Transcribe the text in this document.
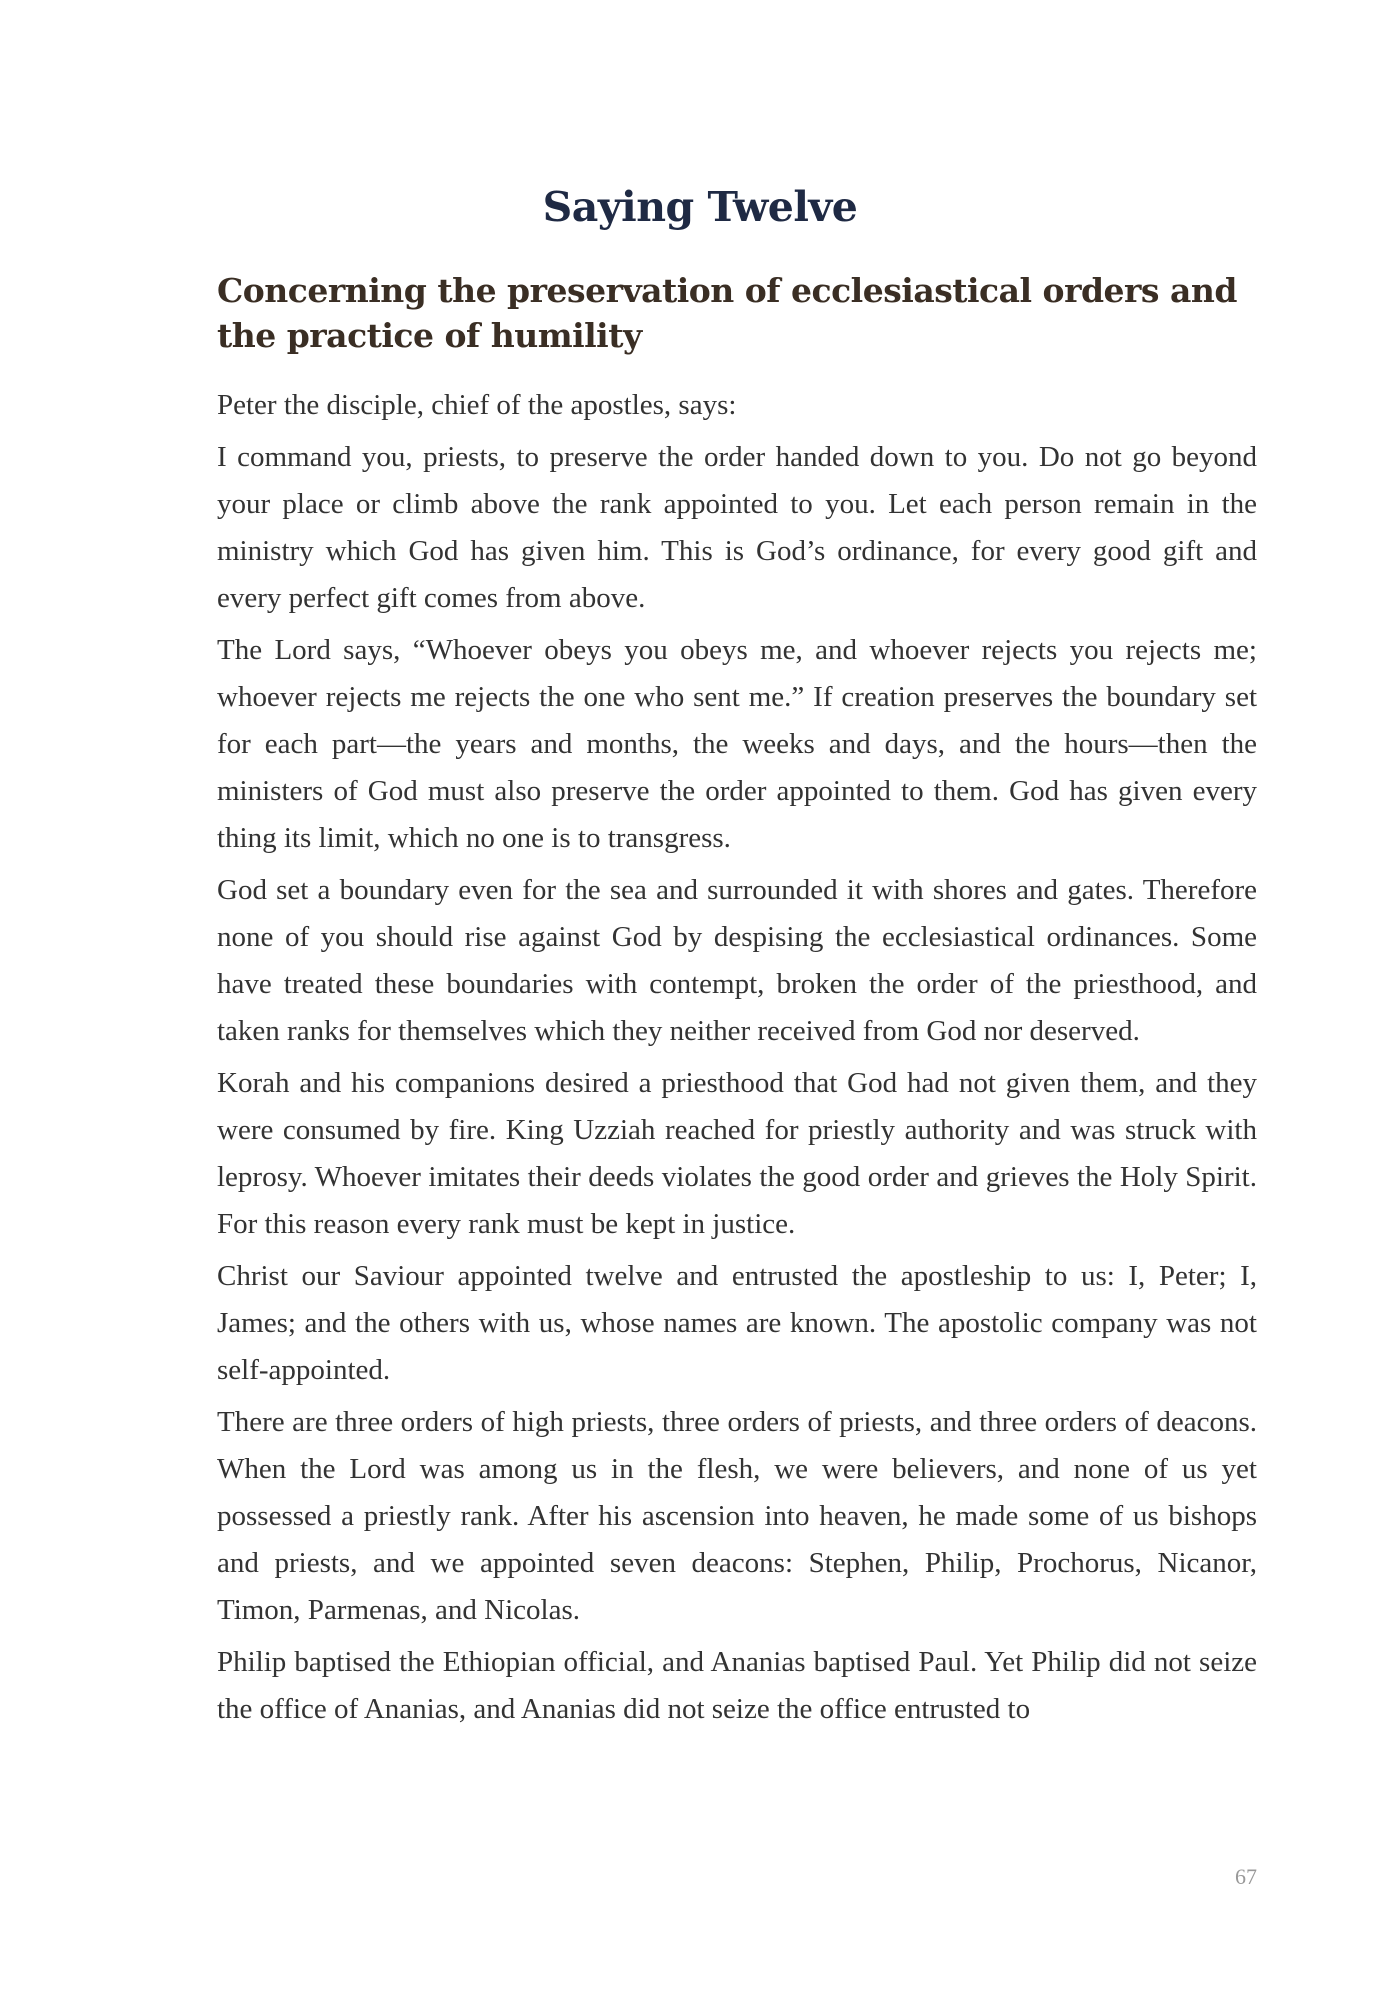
Saying Twelve
Concerning the preservation of ecclesiastical orders and the practice of humility

Peter the disciple, chief of the apostles, says:

I command you, priests, to preserve the order handed down to you. Do not go beyond your place or climb above the rank appointed to you. Let each person remain in the ministry which God has given him. This is God’s ordinance, for every good gift and every perfect gift comes from above.

The Lord says, “Whoever obeys you obeys me, and whoever rejects you rejects me; whoever rejects me rejects the one who sent me.” If creation preserves the boundary set for each part—the years and months, the weeks and days, and the hours—then the ministers of God must also preserve the order appointed to them. God has given every thing its limit, which no one is to transgress.

God set a boundary even for the sea and surrounded it with shores and gates. Therefore none of you should rise against God by despising the ecclesiastical ordinances. Some have treated these boundaries with contempt, broken the order of the priesthood, and taken ranks for themselves which they neither received from God nor deserved.

Korah and his companions desired a priesthood that God had not given them, and they were consumed by fire. King Uzziah reached for priestly authority and was struck with leprosy. Whoever imitates their deeds violates the good order and grieves the Holy Spirit. For this reason every rank must be kept in justice.

Christ our Saviour appointed twelve and entrusted the apostleship to us: I, Peter; I, James; and the others with us, whose names are known. The apostolic company was not self-appointed.

There are three orders of high priests, three orders of priests, and three orders of deacons. When the Lord was among us in the flesh, we were believers, and none of us yet possessed a priestly rank. After his ascension into heaven, he made some of us bishops and priests, and we appointed seven deacons: Stephen, Philip, Prochorus, Nicanor, Timon, Parmenas, and Nicolas.

Philip baptised the Ethiopian official, and Ananias baptised Paul. Yet Philip did not seize the office of Ananias, and Ananias did not seize the office entrusted to

67
